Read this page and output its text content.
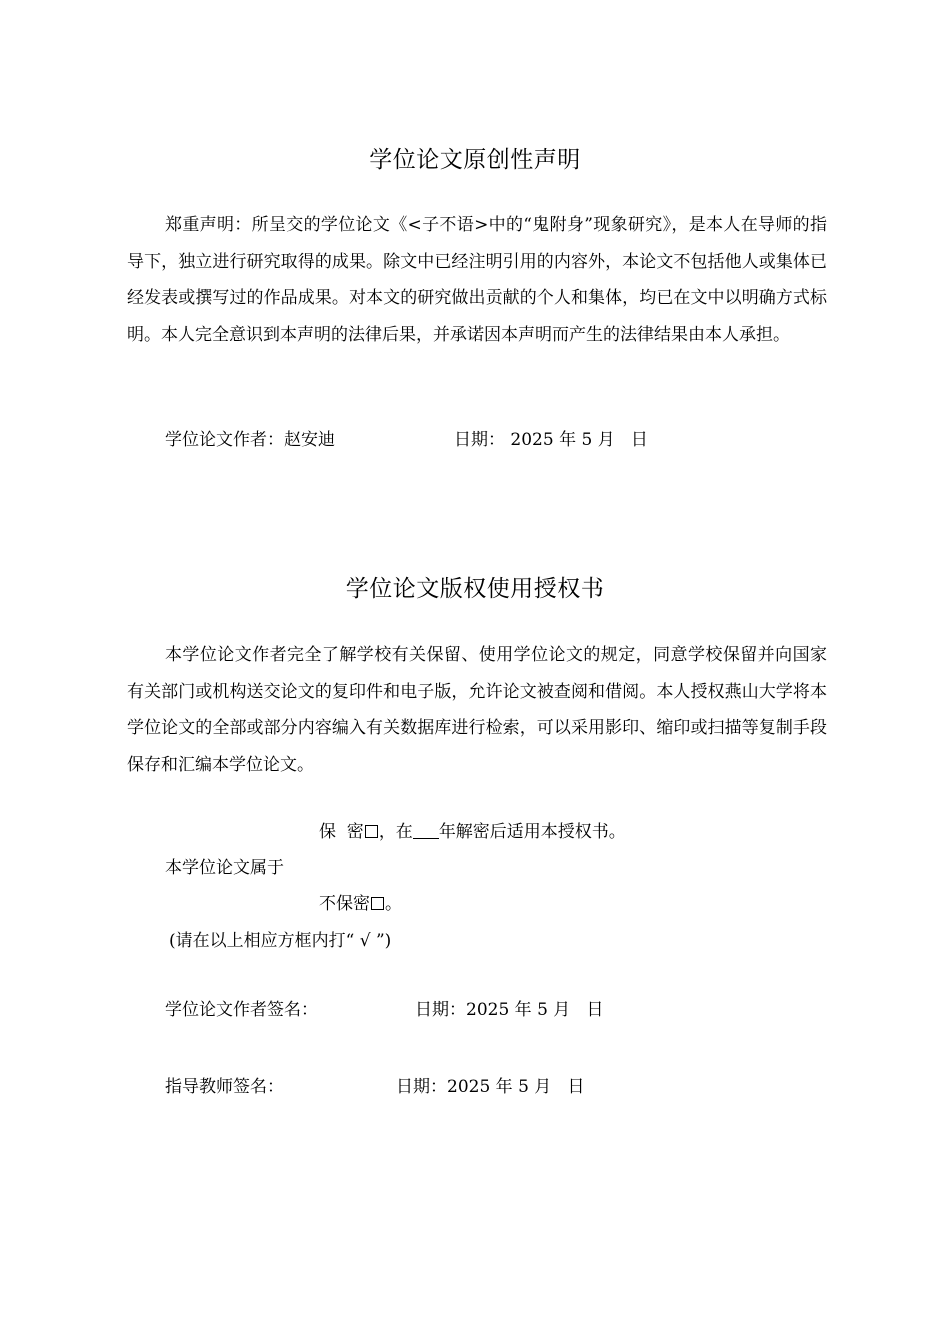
学位论文原创性声明

郑重声明：所呈交的学位论文《<子不语>中的“鬼附身”现象研究》，是本人在导师的指导下，独立进行研究取得的成果。除文中已经注明引用的内容外，本论文不包括他人或集体已经发表或撰写过的作品成果。对本文的研究做出贡献的个人和集体，均已在文中以明确方式标明。本人完全意识到本声明的法律后果，并承诺因本声明而产生的法律结果由本人承担。

学位论文作者：赵安迪	日期： 2025 年 5 月   日
学位论文版权使用授权书

本学位论文作者完全了解学校有关保留、使用学位论文的规定，同意学校保留并向国家有关部门或机构送交论文的复印件和电子版，允许论文被查阅和借阅。本人授权燕山大学将本学位论文的全部或部分内容编入有关数据库进行检索，可以采用影印、缩印或扫描等复制手段保存和汇编本学位论文。

保  密 ，在 年解密后适用本授权书。
本学位论文属于
不保密 。
(请在以上相应方框内打“ √ ”)
学位论文作者签名：	日期：2025 年 5 月   日
指导教师签名：	日期：2025 年 5 月   日
